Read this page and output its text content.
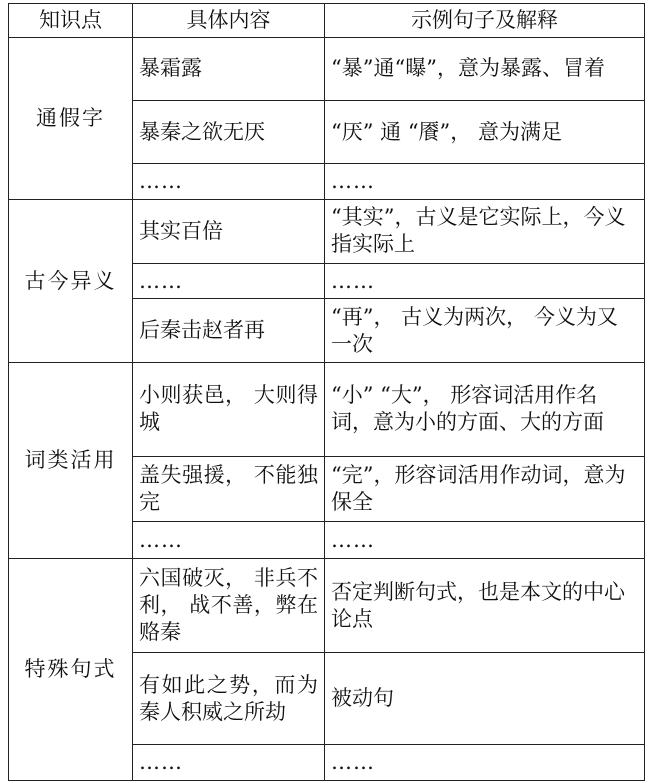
知识点	具体内容	示例句子及解释
通假字	暴霜露	“暴”通“曝”，意为暴露、冒着
	暴秦之欲无厌	“厌” 通 “餍”， 意为满足
	……	……
古今异义	其实百倍	“其实”，古义是它实际上，今义指实际上
	……	……
	后秦击赵者再	“再”， 古义为两次， 今义为又一次
词类活用	小则获邑， 大则得城	“小” “大”， 形容词活用作名词，意为小的方面、大的方面
	盖失强援， 不能独完	“完”，形容词活用作动词，意为保全
	……	……
特殊句式	六国破灭， 非兵不利， 战不善，弊在赂秦	否定判断句式，也是本文的中心论点
	有如此之势，而为秦人积威之所劫	被动句
	……	……
